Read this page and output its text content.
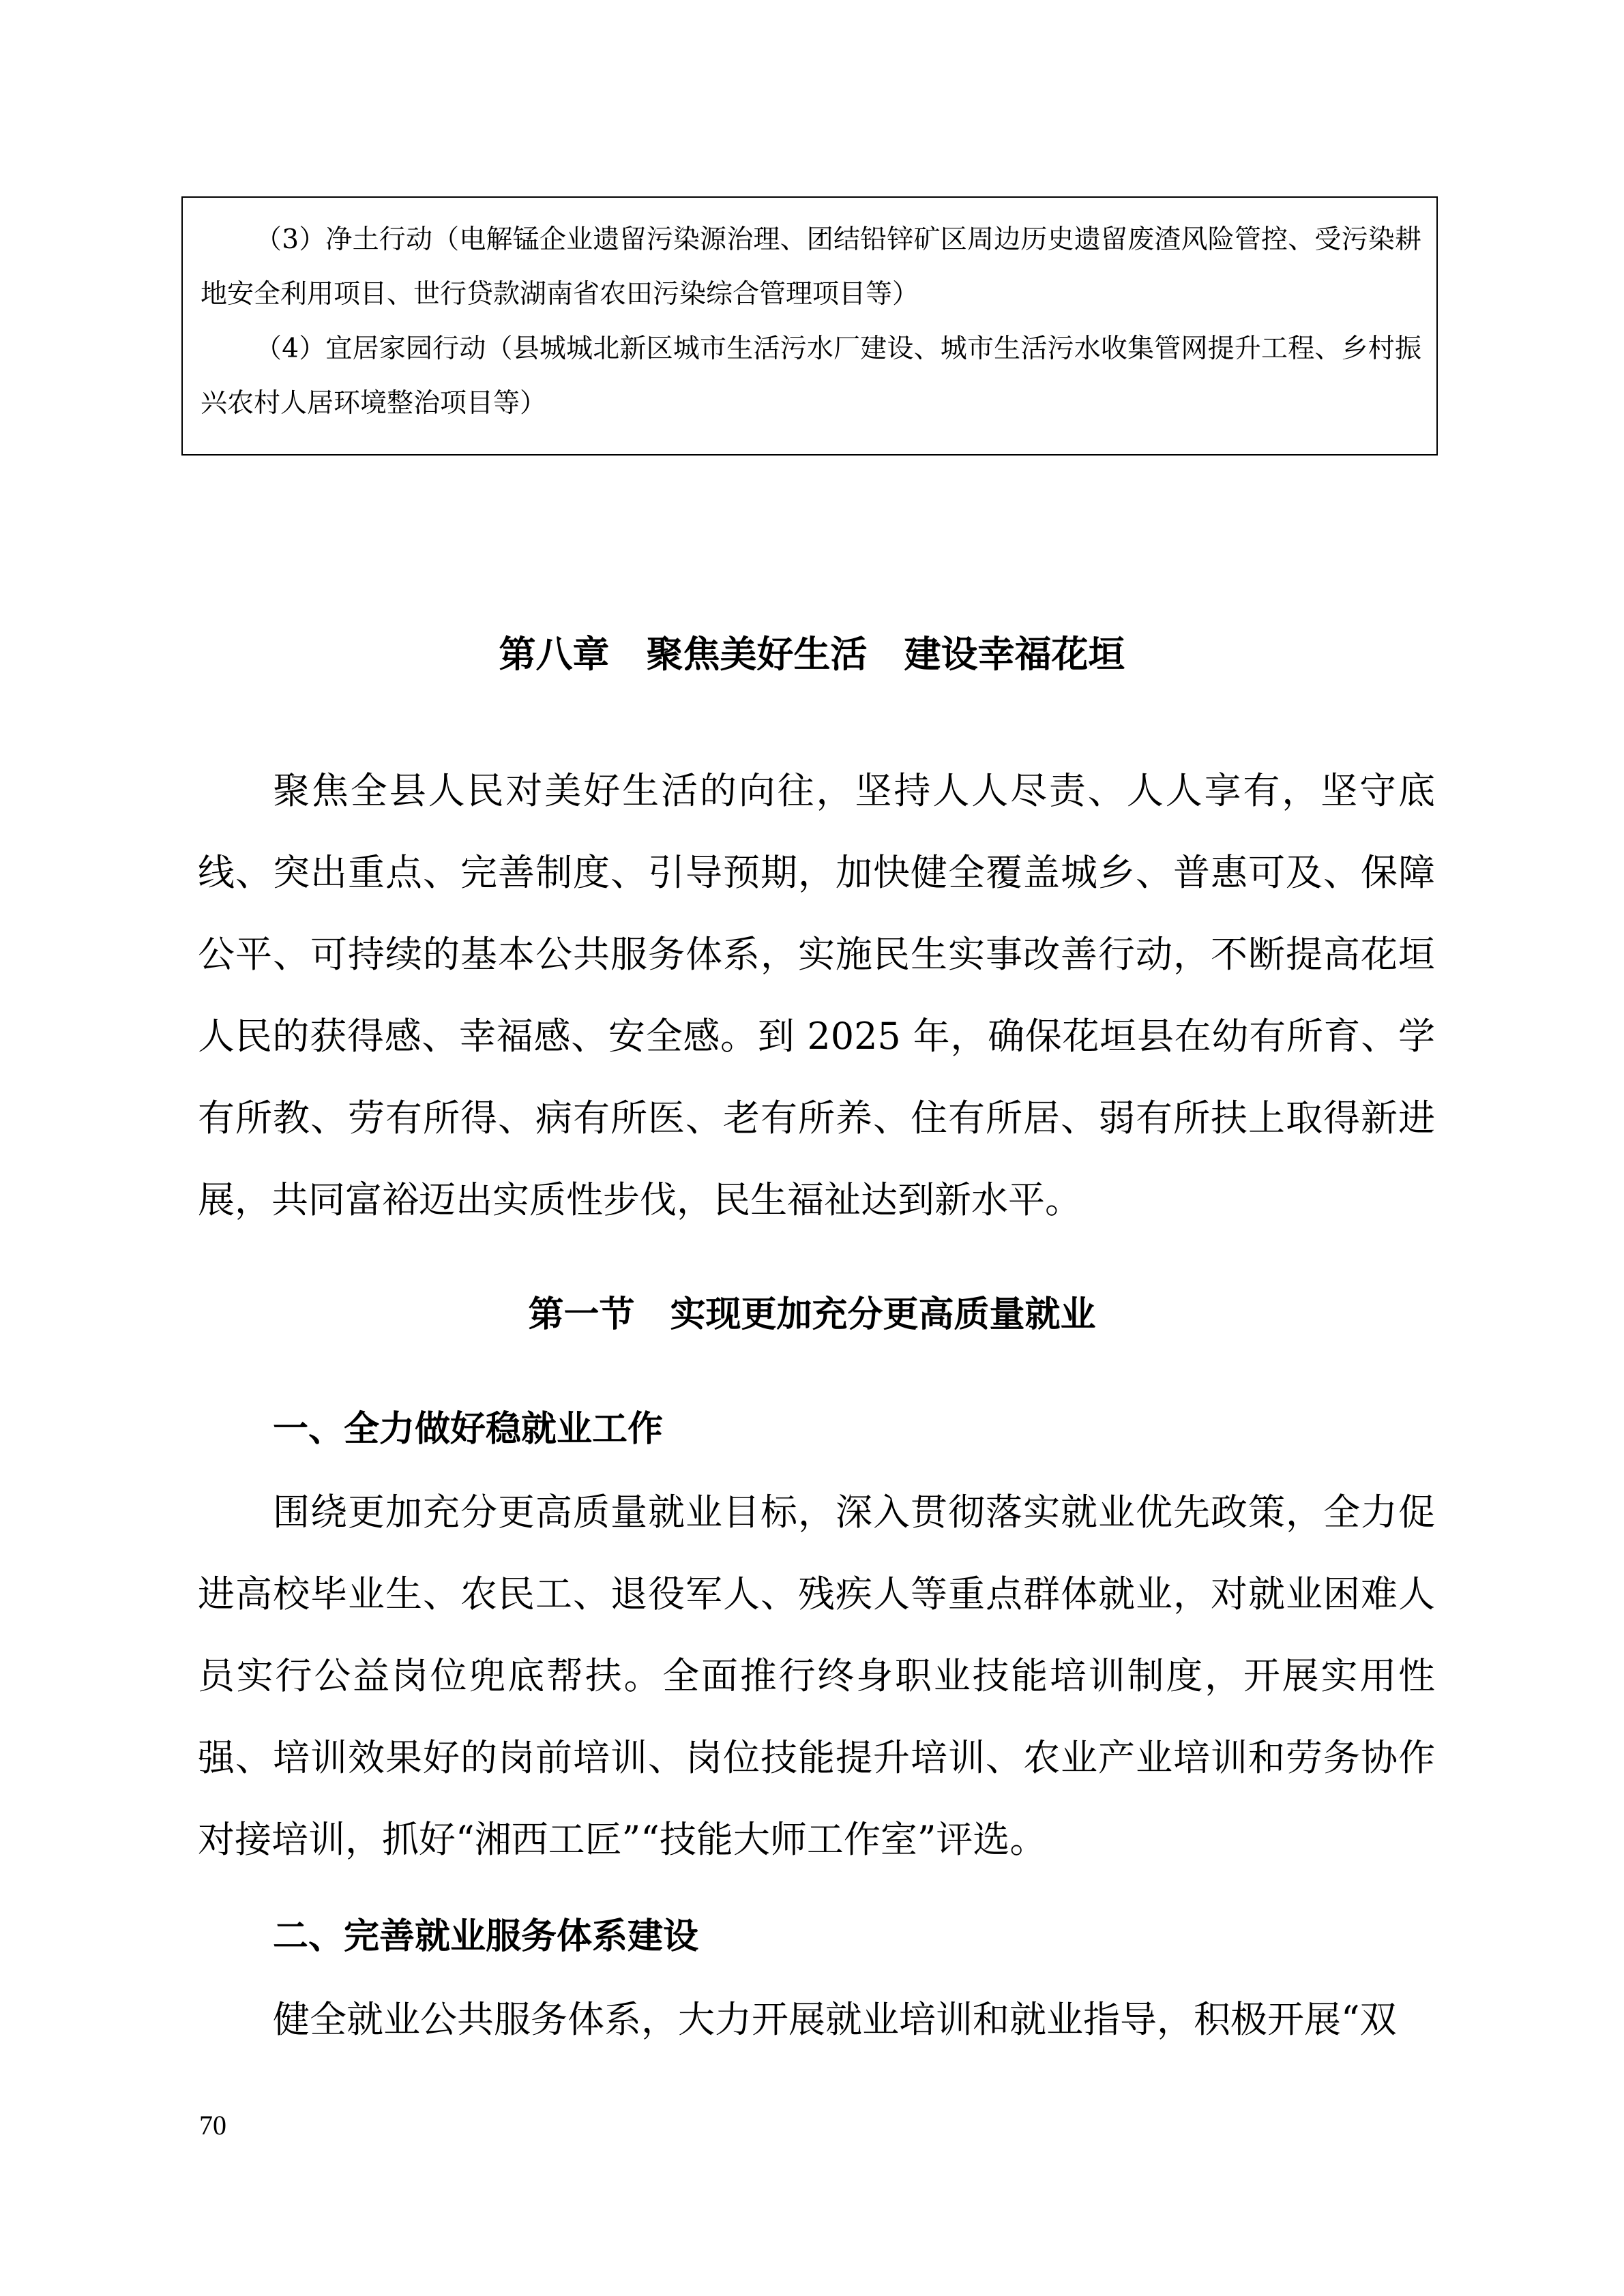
（3）净土行动（电解锰企业遗留污染源治理、团结铅锌矿区周边历史遗留废渣风险管控、受污染耕地安全利用项目、世行贷款湖南省农田污染综合管理项目等）

（4）宜居家园行动（县城城北新区城市生活污水厂建设、城市生活污水收集管网提升工程、乡村振兴农村人居环境整治项目等）

第八章　聚焦美好生活　建设幸福花垣

聚焦全县人民对美好生活的向往，坚持人人尽责、人人享有，坚守底线、突出重点、完善制度、引导预期，加快健全覆盖城乡、普惠可及、保障公平、可持续的基本公共服务体系，实施民生实事改善行动，不断提高花垣人民的获得感、幸福感、安全感。到 2025 年，确保花垣县在幼有所育、学有所教、劳有所得、病有所医、老有所养、住有所居、弱有所扶上取得新进展，共同富裕迈出实质性步伐，民生福祉达到新水平。

第一节　实现更加充分更高质量就业
一、全力做好稳就业工作

围绕更加充分更高质量就业目标，深入贯彻落实就业优先政策，全力促进高校毕业生、农民工、退役军人、残疾人等重点群体就业，对就业困难人员实行公益岗位兜底帮扶。全面推行终身职业技能培训制度，开展实用性强、培训效果好的岗前培训、岗位技能提升培训、农业产业培训和劳务协作对接培训，抓好“湘西工匠”“技能大师工作室”评选。

二、完善就业服务体系建设

健全就业公共服务体系，大力开展就业培训和就业指导，积极开展“双

70
